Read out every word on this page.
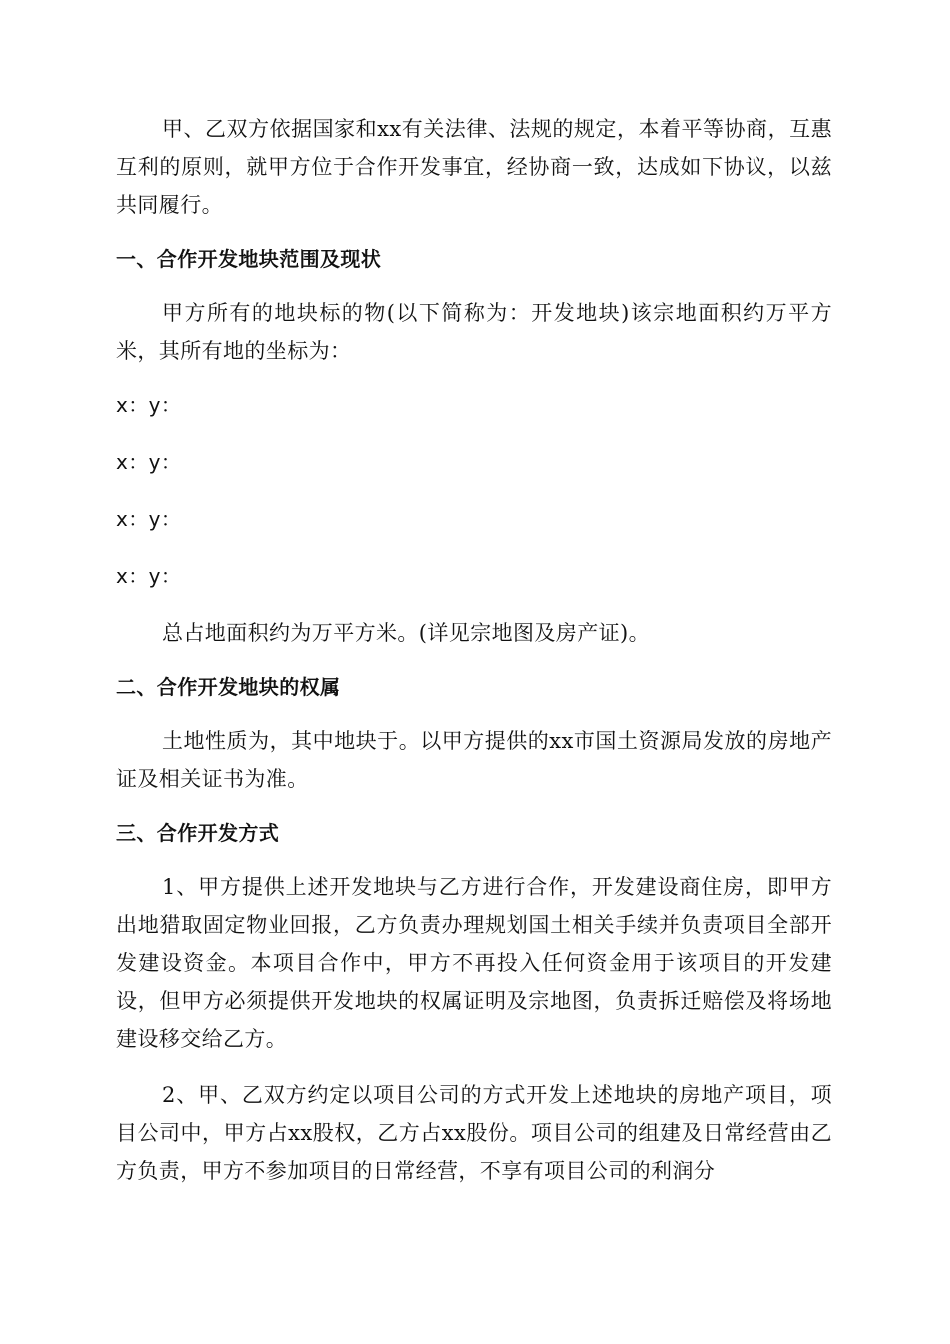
甲、乙双方依据国家和xx有关法律、法规的规定，本着平等协商，互惠互利的原则，就甲方位于合作开发事宜，经协商一致，达成如下协议，以兹共同履行。

一、合作开发地块范围及现状

甲方所有的地块标的物(以下简称为：开发地块)该宗地面积约万平方米，其所有地的坐标为：

x：y：

x：y：

x：y：

x：y：

总占地面积约为万平方米。(详见宗地图及房产证)。

二、合作开发地块的权属

土地性质为，其中地块于。以甲方提供的xx市国土资源局发放的房地产证及相关证书为准。

三、合作开发方式

1、甲方提供上述开发地块与乙方进行合作，开发建设商住房，即甲方出地猎取固定物业回报，乙方负责办理规划国土相关手续并负责项目全部开发建设资金。本项目合作中，甲方不再投入任何资金用于该项目的开发建设，但甲方必须提供开发地块的权属证明及宗地图，负责拆迁赔偿及将场地建设移交给乙方。

2、甲、乙双方约定以项目公司的方式开发上述地块的房地产项目，项目公司中，甲方占xx股权，乙方占xx股份。项目公司的组建及日常经营由乙方负责，甲方不参加项目的日常经营，不享有项目公司的利润分
